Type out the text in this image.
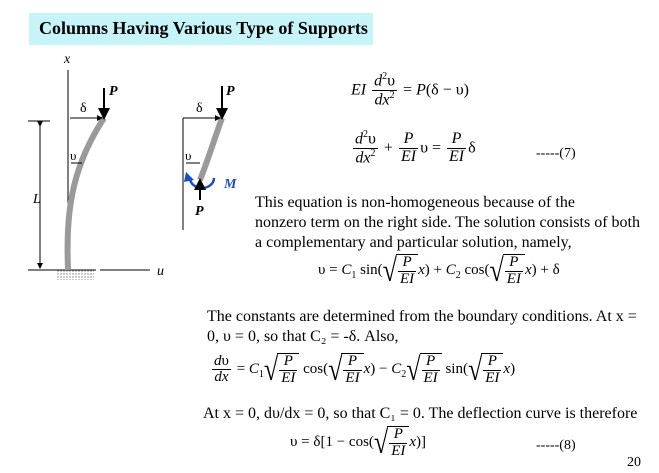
Columns Having Various Type of Supports
x
u
L
δ
P
υ
δ
P
υ
M
P
EI $\frac{d^2\upsilon}{dx^2} = P(\delta - \upsilon)$
$\frac{d^2\upsilon}{dx^2} + \frac{P}{EI}$ $\upsilon = \frac{P}{EI}$ δ	-----(7)
This equation is non-homogeneous because of the
nonzero term on the right side. The solution consists of both
a complementary and particular solution, namely,
$\upsilon = C_1$ $\sin(√ \frac{P}{EI} x) + C_2$ $\cos(√ \frac{P}{EI} x) + \delta$
The constants are determined from the boundary conditions. At x =
0, υ = 0, so that C₂ = -δ. Also,
$\frac{d\upsilon}{dx} = C_1√ \frac{P}{EI} \cos(√ \frac{P}{EI} x) - C_2√ \frac{P}{EI} \sin(√ \frac{P}{EI} x)$
At x = 0, dυ/dx = 0, so that C₁ = 0. The deflection curve is therefore
$\upsilon = \delta[1 - \cos(√ \frac{P}{EI} x)]$	-----(8)
20
